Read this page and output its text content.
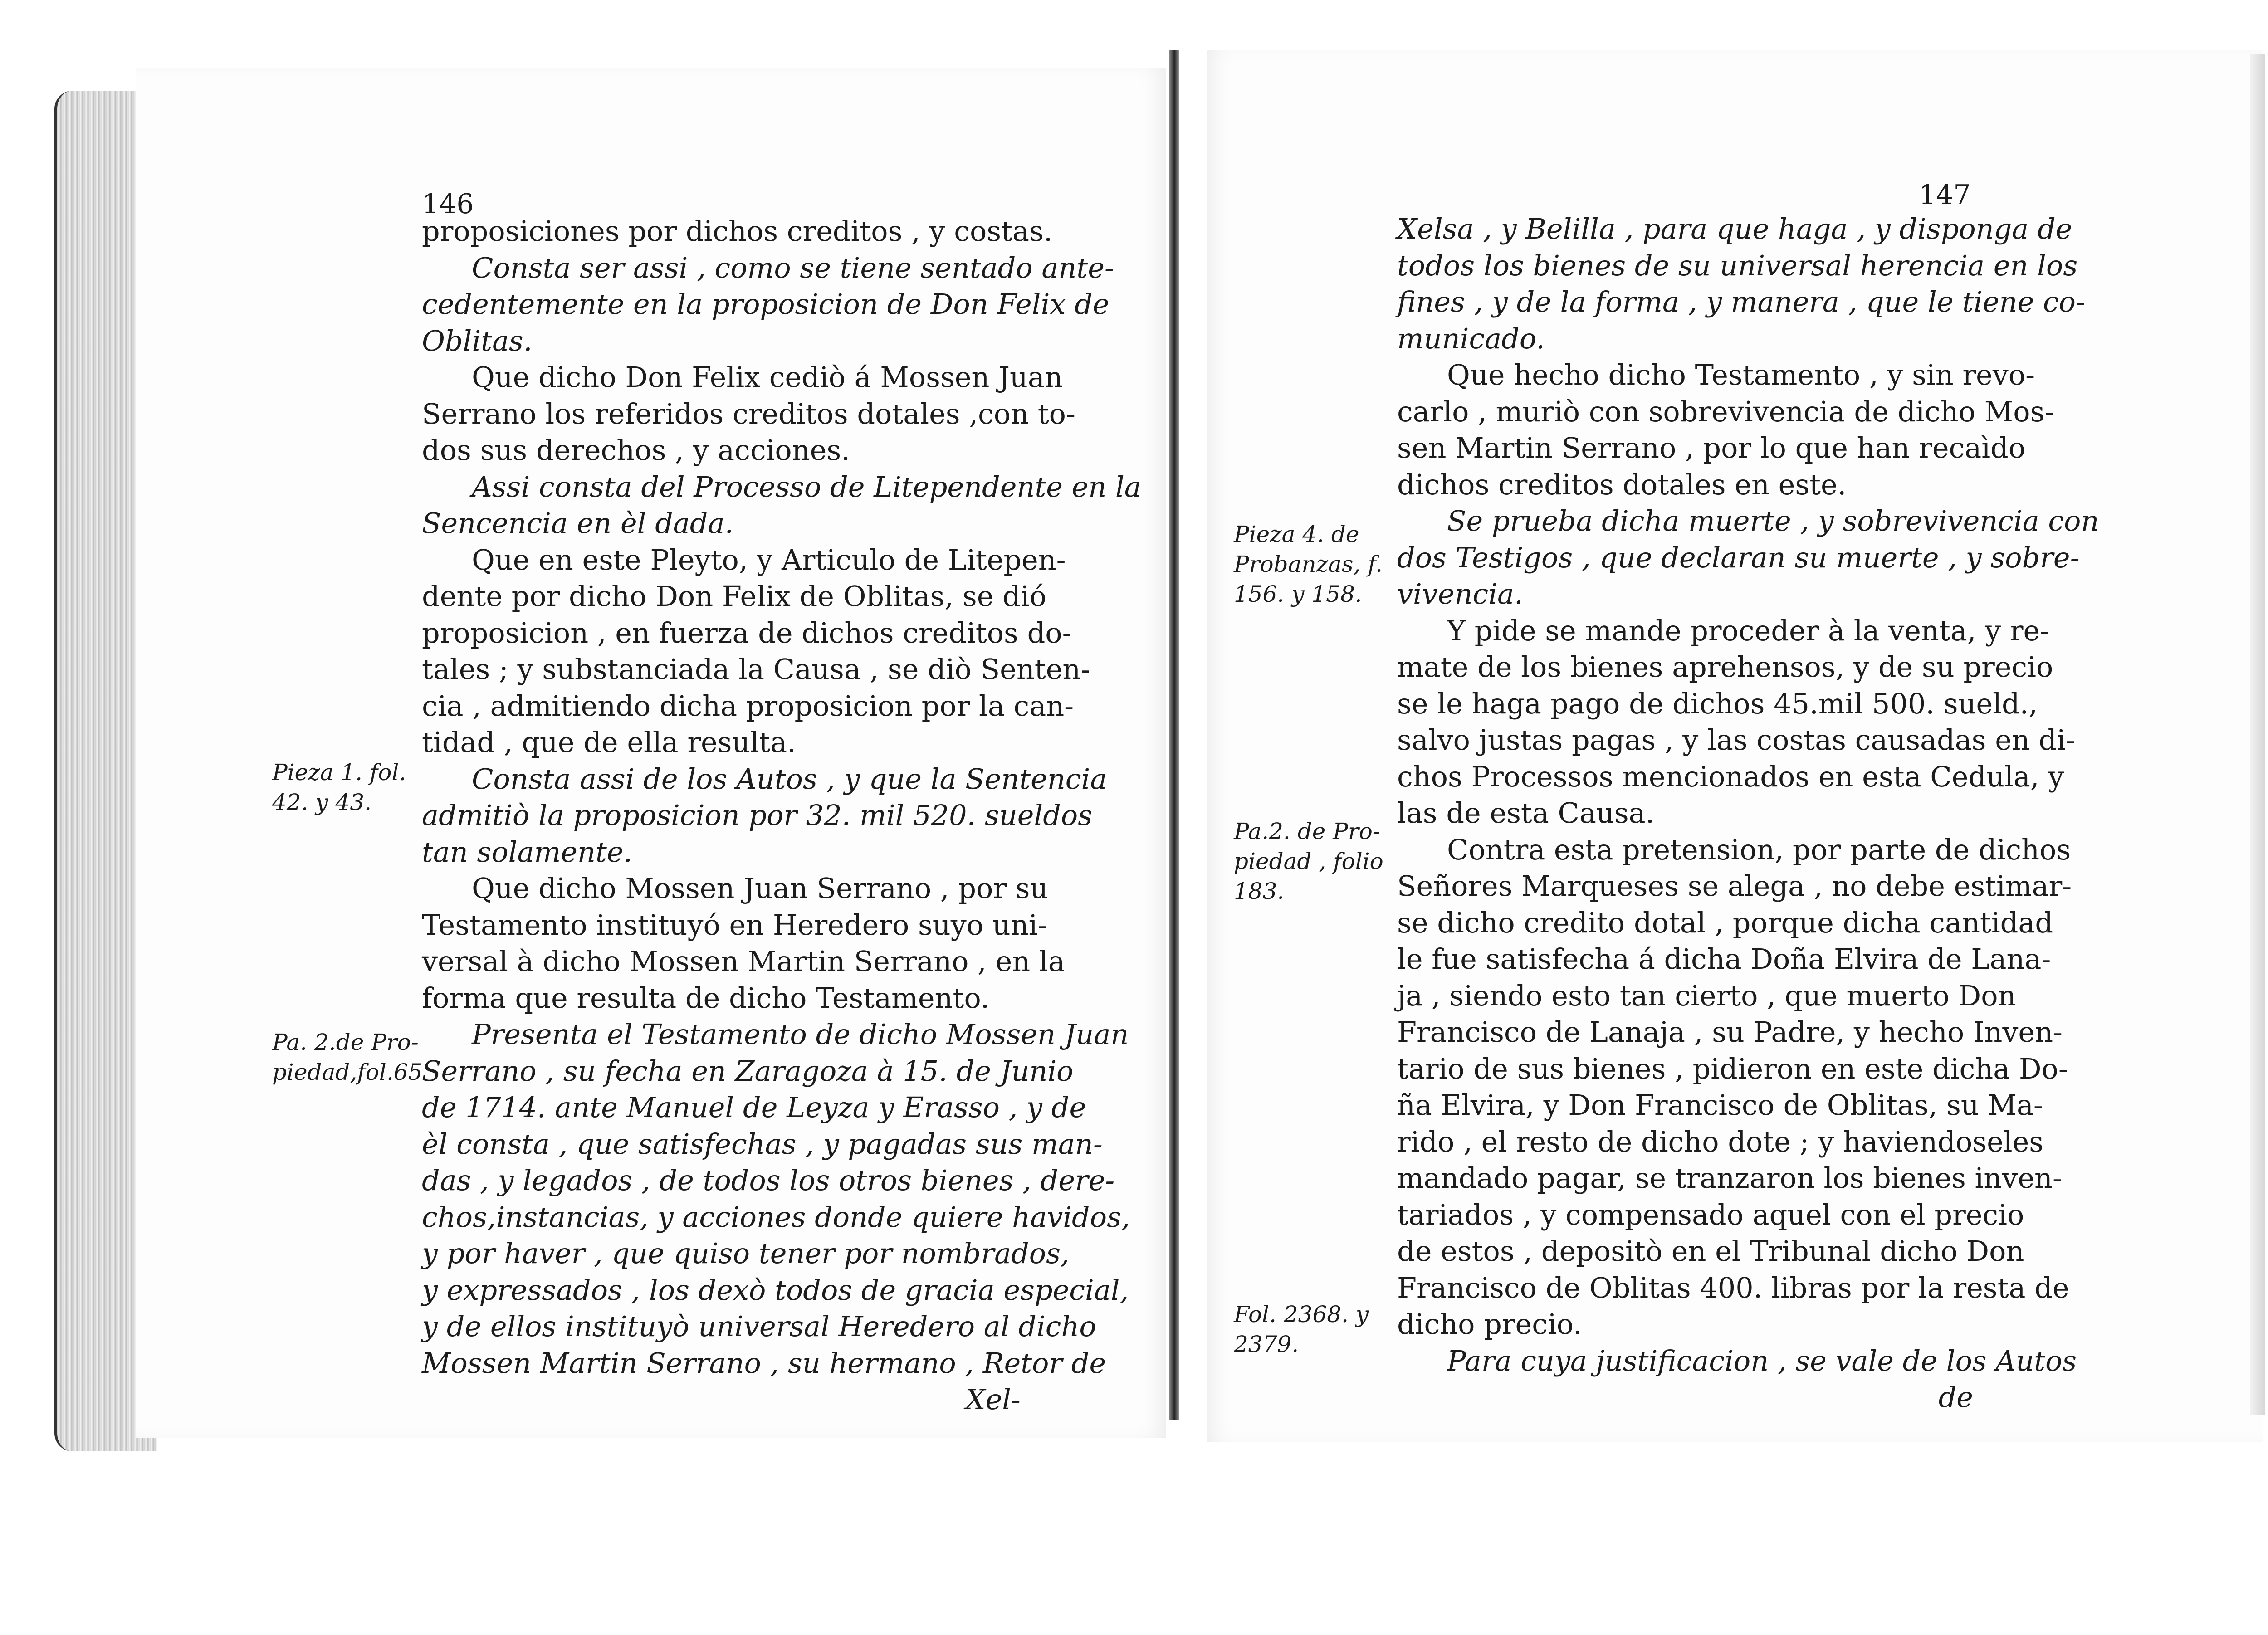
146
proposiciones por dichos creditos , y costas.
Consta ser assi , como se tiene sentado ante-
cedentemente en la proposicion de Don Felix de
Oblitas.
Que dicho Don Felix cediò á Mossen Juan
Serrano los referidos creditos dotales ,con to-
dos sus derechos , y acciones.
Assi consta del Processo de Litependente en la
Sencencia en èl dada.
Que en este Pleyto, y Articulo de Litepen-
dente por dicho Don Felix de Oblitas, se dió
proposicion , en fuerza de dichos creditos do-
tales ; y substanciada la Causa , se diò Senten-
cia , admitiendo dicha proposicion por la can-
tidad , que de ella resulta.
Consta assi de los Autos , y que la Sentencia
admitiò la proposicion por 32. mil 520. sueldos
tan solamente.
Que dicho Mossen Juan Serrano , por su
Testamento instituyó en Heredero suyo uni-
versal à dicho Mossen Martin Serrano , en la
forma que resulta de dicho Testamento.
Presenta el Testamento de dicho Mossen Juan
Serrano , su fecha en Zaragoza à 15. de Junio
de 1714. ante Manuel de Leyza y Erasso , y de
èl consta , que satisfechas , y pagadas sus man-
das , y legados , de todos los otros bienes , dere-
chos,instancias, y acciones donde quiere havidos,
y por haver , que quiso tener por nombrados,
y expressados , los dexò todos de gracia especial,
y de ellos instituyò universal Heredero al dicho
Mossen Martin Serrano , su hermano , Retor de
Xel-
Pieza 1. fol.
42. y 43.
Pa. 2.de Pro-
piedad,fol.65
147
Xelsa , y Belilla , para que haga , y disponga de
todos los bienes de su universal herencia en los
fines , y de la forma , y manera , que le tiene co-
municado.
Que hecho dicho Testamento , y sin revo-
carlo , muriò con sobrevivencia de dicho Mos-
sen Martin Serrano , por lo que han recaìdo
dichos creditos dotales en este.
Se prueba dicha muerte , y sobrevivencia con
dos Testigos , que declaran su muerte , y sobre-
vivencia.
Y pide se mande proceder à la venta, y re-
mate de los bienes aprehensos, y de su precio
se le haga pago de dichos 45.mil 500. sueld.,
salvo justas pagas , y las costas causadas en di-
chos Processos mencionados en esta Cedula, y
las de esta Causa.
Contra esta pretension, por parte de dichos
Señores Marqueses se alega , no debe estimar-
se dicho credito dotal , porque dicha cantidad
le fue satisfecha á dicha Doña Elvira de Lana-
ja , siendo esto tan cierto , que muerto Don
Francisco de Lanaja , su Padre, y hecho Inven-
tario de sus bienes , pidieron en este dicha Do-
ña Elvira, y Don Francisco de Oblitas, su Ma-
rido , el resto de dicho dote ; y haviendoseles
mandado pagar, se tranzaron los bienes inven-
tariados , y compensado aquel con el precio
de estos , depositò en el Tribunal dicho Don
Francisco de Oblitas 400. libras por la resta de
dicho precio.
Para cuya justificacion , se vale de los Autos
de
Pieza 4. de
Probanzas, f.
156. y 158.
Pa.2. de Pro-
piedad , folio
183.
Fol. 2368. y
2379.
